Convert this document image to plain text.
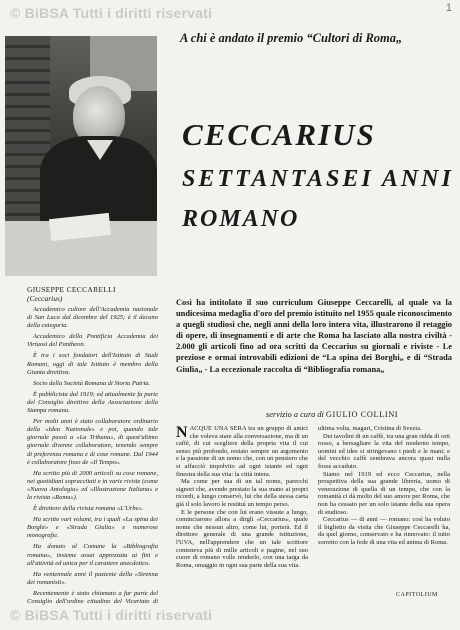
© BiBSA Tutti i diritti riservati	1
A chi è andato il premio “Cultori di Roma„
GIUSEPPE CECCARELLI
(Ceccarius)

Accademico cultore dell'Accademia nazionale di San Luca dal dicembre del 1925; è il decano della categoria.

Accademico della Pontificia Accademia dei Virtuosi del Pantheon.

È tra i soci fondatori dell'Istituto di Studi Romani, oggi di tale Istituto è membro della Giunta direttiva.

Socio della Società Romana di Storia Patria.

È pubblicista dal 1919; ed attualmente fa parte del Consiglio direttivo della Associazione della Stampa romana.

Per molti anni è stato collaboratore ordinario della «Idea Nazionale» e poi, quando tale giornale passò a «La Tribuna», di quest'ultimo giornale divenne collaboratore, tenendo sempre di preferenza romana e di cose romane. Dal 1944 è collaboratore fisso de «Il Tempo».

Ha scritto più di 2000 articoli su cose romane, nei quotidiani sopraccitati e in varie riviste (come «Nuova Antologia» ed «Illustrazione Italiana» e la rivista «Roma»).

È direttore della rivista romana «L'Urbe».

Ha scritto vari volumi, tra i quali «La spina dei Borghi» e «Strada Giulia» e numerose monografie.

Ha donato al Comune la «Bibliografia romana», insieme assai apprezzata ai fini e all'attività ed unica per il carattere anecdotico.

Ha ventennale anni il paziente della «Strenna dei romanisti».

Recentemente è stato chiamato a far parte del Consiglio dell'ordine cittadino del Vicariato di

CECCARIUS
SETTANTASEI ANNI
ROMANO

Così ha intitolato il suo curriculum Giuseppe Ceccarelli, al quale va la undicesima medaglia d'oro del premio istituito nel 1955 quale riconoscimento a quegli studiosi che, negli anni della loro intera vita, illustrarono il retaggio di opere, di insegnamenti e di arte che Roma ha lasciato alla nostra civiltà - 2.000 gli articoli fino ad ora scritti da Ceccarius su giornali e riviste - Le preziose e ormai introvabili edizioni de “La spina dei Borghi„ e di “Strada Giulia„ - La eccezionale raccolta di “Bibliografia romana„

servizio a cura di GIULIO COLLINI

NACQUE UNA SERA tra un gruppo di amici che voleva stare alla conversazione, ma di un caffè, di cui scegliere della propria vita il cui senso più profondo, restato sempre un argomento e la passione di un uomo che, con un pensiero che si affacciò impolvito ad ogni istante ed ogni finestra della sua vita: la città intera.

Ma come per sua di un tal nome, parecchi signori che, avendo prestato la sua mano ai propri ricordi, a lungo conservò, lui che della stessa carta già il solo lavoro le restituì un tempo perso.

E le persone che con lui erano vissute a lungo, cominciarono allora a dirgli «Ceccarius», quale nome che nessun altro, come lui, porterà. Ed il direttore generale di una grande istituzione, l'UVA, nell'apprendere che un tale scrittore conteneva più di mille articoli e pagine, nel suo cuore di romano volle renderlo, con una targa da Roma, omaggio in ogni sua parte della sua vita.

ultima volta, magari, Cristina di Svezia.

Dei tavolini di un caffè, tra una gran ridda di orti rosso, a bersagliare la vita del moderno tempo, uomini ed idee si stringevano i piedi e le mani; e del vecchio caffè sembrava ancora quasi nulla fosse accaduto.

Siamo nel 1919 ed ecco Ceccarius, nella prospettiva della sua grande libreria, uomo di venerazione di quella di un tempo, che con la romanità ci dà molto del suo amore per Roma, che non ha cessato per un solo istante della sua opera di studioso.

Ceccarius — di anni — romano: così ha voluto il biglietto da visita che Giuseppe Ceccarelli ha, da quel giorno, conservato e ha rinnovato: il tutto sorretto con la fede di una vita ed anima di Roma.

CAPITOLIUM
© BiBSA Tutti i diritti riservati
